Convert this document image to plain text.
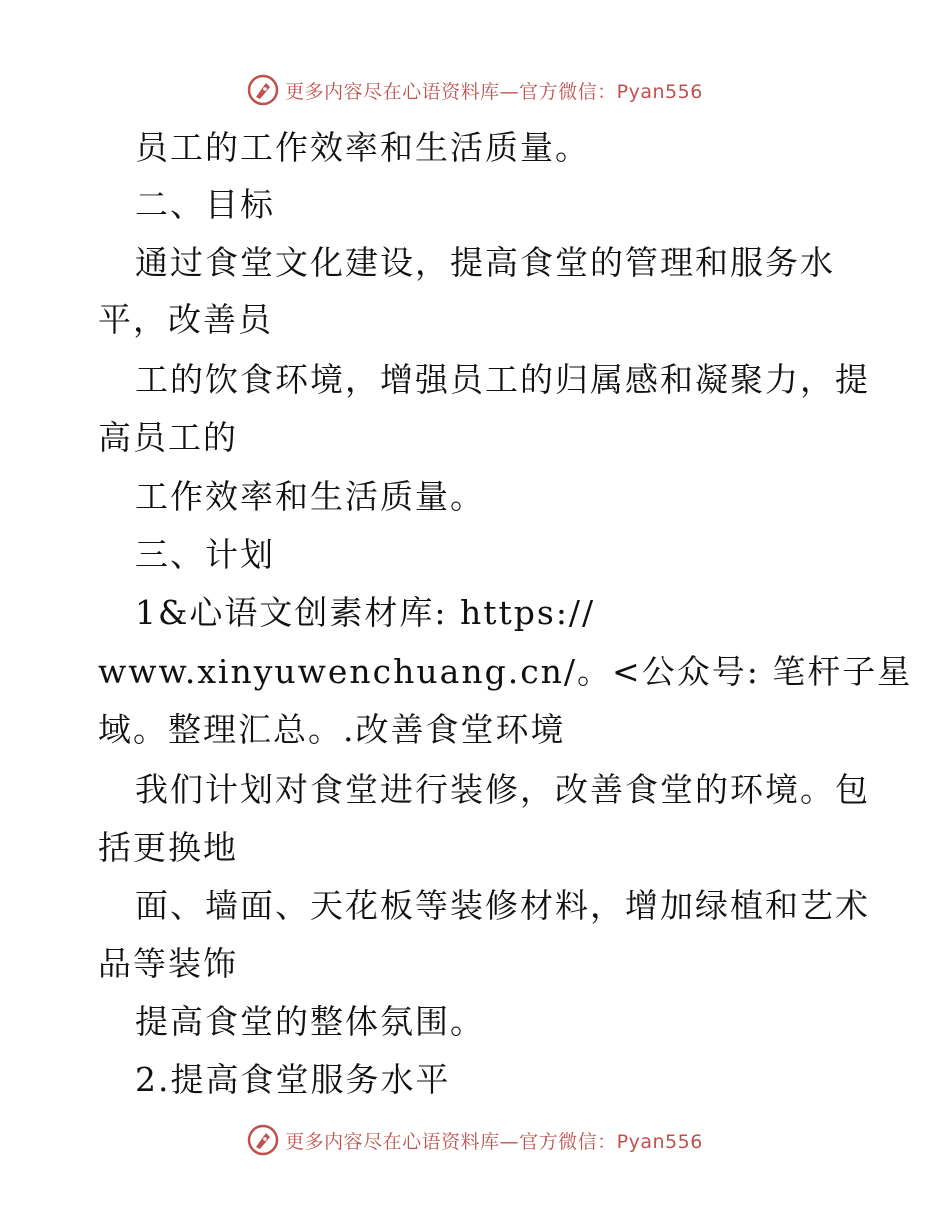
更多内容尽在心语资料库—官方微信：Pyan556
员工的工作效率和生活质量。
二、目标
通过食堂文化建设，提高食堂的管理和服务水
平，改善员
工的饮食环境，增强员工的归属感和凝聚力，提
高员工的
工作效率和生活质量。
三、计划
1&心语文创素材库: https://
www.xinyuwenchuang.cn/。<公众号: 笔杆子星
域。整理汇总。.改善食堂环境
我们计划对食堂进行装修，改善食堂的环境。包
括更换地
面、墙面、天花板等装修材料，增加绿植和艺术
品等装饰
提高食堂的整体氛围。
2.提高食堂服务水平
更多内容尽在心语资料库—官方微信：Pyan556
